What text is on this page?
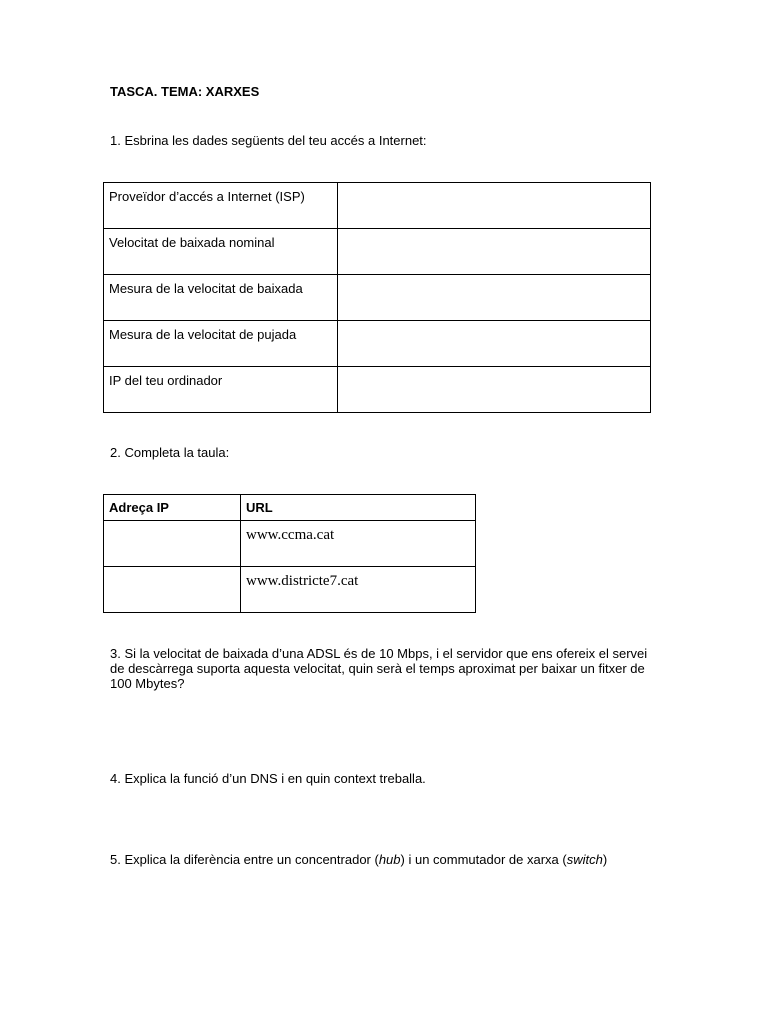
TASCA. TEMA: XARXES
1. Esbrina les dades següents del teu accés a Internet:
Proveïdor d’accés a Internet (ISP)	
Velocitat de baixada nominal	
Mesura de la velocitat de baixada	
Mesura de la velocitat de pujada	
IP del teu ordinador	
2. Completa la taula:
Adreça IP	URL
	www.ccma.cat
	www.districte7.cat
3. Si la velocitat de baixada d’una ADSL és de 10 Mbps, i el servidor que ens ofereix el servei
de descàrrega suporta aquesta velocitat, quin serà el temps aproximat per baixar un fitxer de
100 Mbytes?
4. Explica la funció d’un DNS i en quin context treballa.
5. Explica la diferència entre un concentrador (hub) i un commutador de xarxa (switch)
